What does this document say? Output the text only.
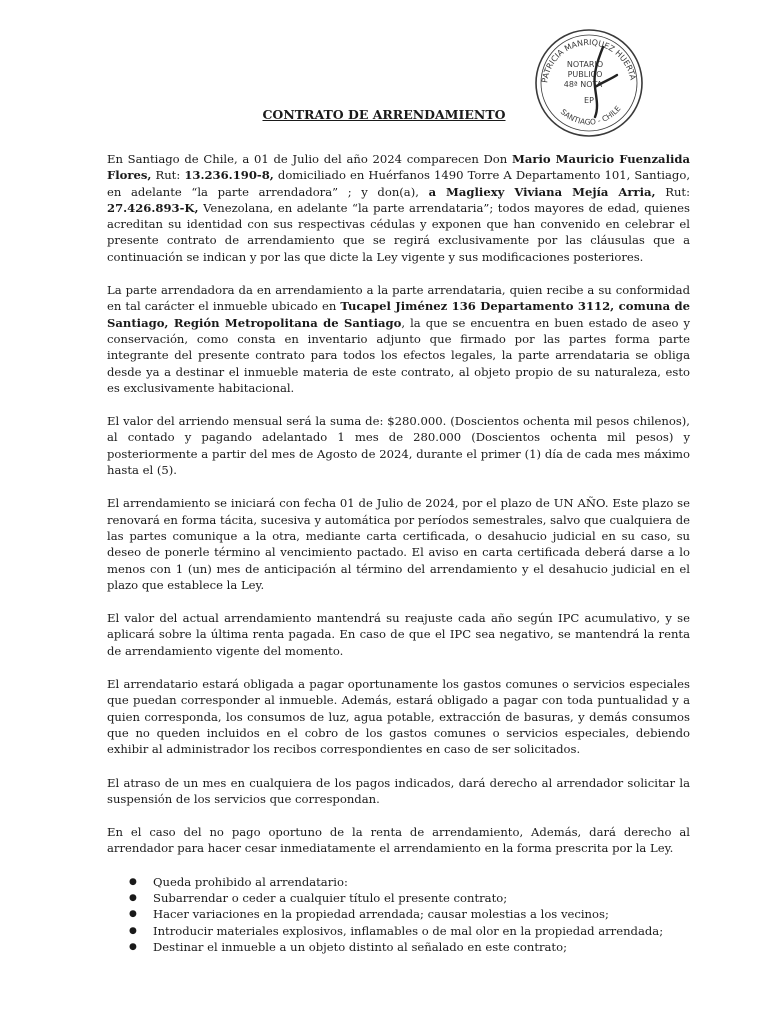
PATRICIA MANRIQUEZ HUERTA
SANTIAGO - CHILE
NOTARIO
PUBLICO
48ª NOTA
EP
CONTRATO DE ARRENDAMIENTO

En Santiago de Chile, a 01 de Julio del año 2024 comparecen Don Mario Mauricio Fuenzalida Flores, Rut: 13.236.190-8, domiciliado en Huérfanos 1490 Torre A Departamento 101, Santiago, en adelante “la parte arrendadora” ; y don(a), a Magliexy Viviana Mejía Arria, Rut: 27.426.893-K, Venezolana, en adelante “la parte arrendataria”; todos mayores de edad, quienes acreditan su identidad con sus respectivas cédulas y exponen que han convenido en celebrar el presente contrato de arrendamiento que se regirá exclusivamente por las cláusulas que a continuación se indican y por las que dicte la Ley vigente y sus modificaciones posteriores.

La parte arrendadora da en arrendamiento a la parte arrendataria, quien recibe a su conformidad en tal carácter el inmueble ubicado en Tucapel Jiménez 136 Departamento 3112, comuna de Santiago, Región Metropolitana de Santiago, la que se encuentra en buen estado de aseo y conservación, como consta en inventario adjunto que firmado por las partes forma parte integrante del presente contrato para todos los efectos legales, la parte arrendataria se obliga desde ya a destinar el inmueble materia de este contrato, al objeto propio de su naturaleza, esto es exclusivamente habitacional.

El valor del arriendo mensual será la suma de: $280.000. (Doscientos ochenta mil pesos chilenos), al contado y pagando adelantado 1 mes de 280.000 (Doscientos ochenta mil pesos) y posteriormente a partir del mes de Agosto de 2024, durante el primer (1) día de cada mes máximo hasta el (5).

El arrendamiento se iniciará con fecha 01 de Julio de 2024, por el plazo de UN AÑO. Este plazo se renovará en forma tácita, sucesiva y automática por períodos semestrales, salvo que cualquiera de las partes comunique a la otra, mediante carta certificada, o desahucio judicial en su caso, su deseo de ponerle término al vencimiento pactado. El aviso en carta certificada deberá darse a lo menos con 1 (un) mes de anticipación al término del arrendamiento y el desahucio judicial en el plazo que establece la Ley.

El valor del actual arrendamiento mantendrá su reajuste cada año según IPC acumulativo, y se aplicará sobre la última renta pagada. En caso de que el IPC sea negativo, se mantendrá la renta de arrendamiento vigente del momento.

El arrendatario estará obligada a pagar oportunamente los gastos comunes o servicios especiales que puedan corresponder al inmueble. Además, estará obligado a pagar con toda puntualidad y a quien corresponda, los consumos de luz, agua potable, extracción de basuras, y demás consumos que no queden incluidos en el cobro de los gastos comunes o servicios especiales, debiendo exhibir al administrador los recibos correspondientes en caso de ser solicitados.

El atraso de un mes en cualquiera de los pagos indicados, dará derecho al arrendador solicitar la suspensión de los servicios que correspondan.

En el caso del no pago oportuno de la renta de arrendamiento, Además, dará derecho al arrendador para hacer cesar inmediatamente el arrendamiento en la forma prescrita por la Ley.

● Queda prohibido al arrendatario:
● Subarrendar o ceder a cualquier título el presente contrato;
● Hacer variaciones en la propiedad arrendada; causar molestias a los vecinos;
● Introducir materiales explosivos, inflamables o de mal olor en la propiedad arrendada;
● Destinar el inmueble a un objeto distinto al señalado en este contrato;
